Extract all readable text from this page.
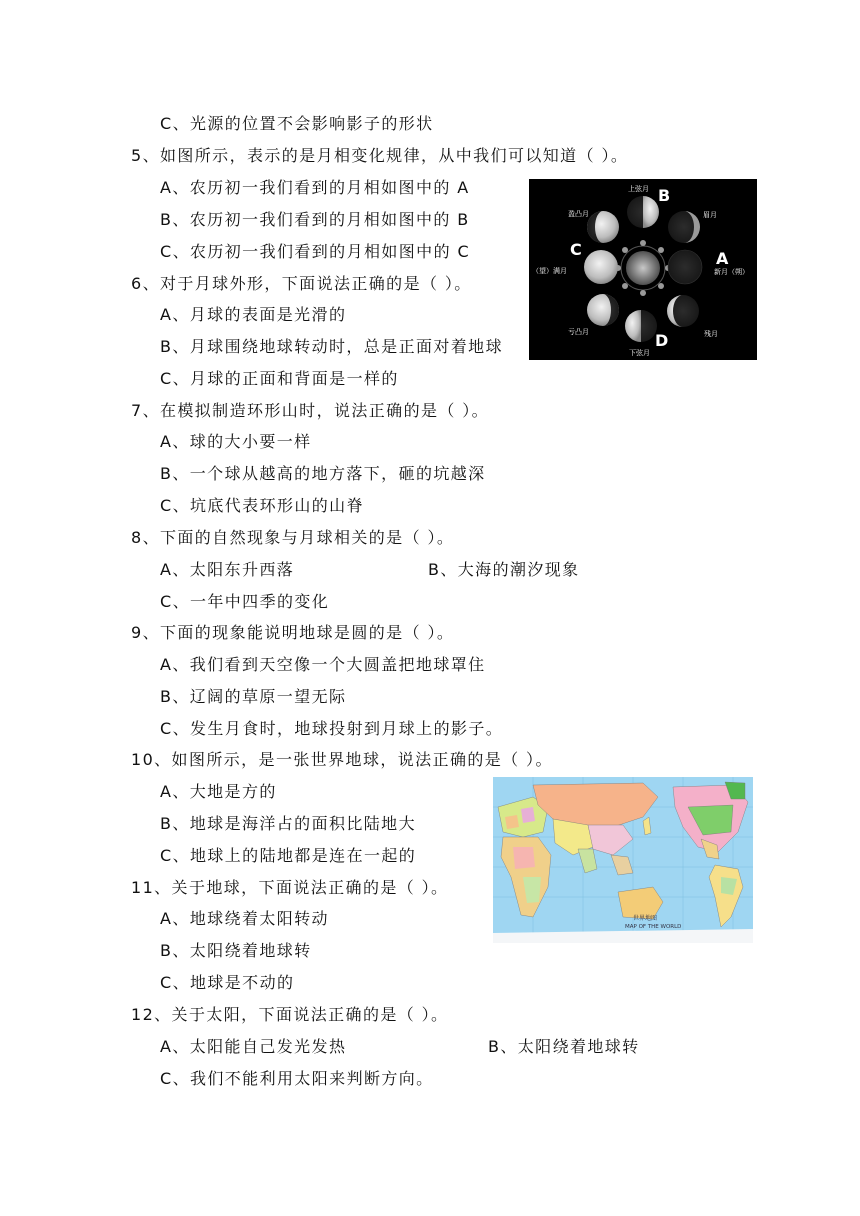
C、光源的位置不会影响影子的形状
5、如图所示，表示的是月相变化规律，从中我们可以知道（ ）。
A、农历初一我们看到的月相如图中的 A
B、农历初一我们看到的月相如图中的 B
C、农历初一我们看到的月相如图中的 C
6、对于月球外形，下面说法正确的是（ ）。
A、月球的表面是光滑的
B、月球围绕地球转动时，总是正面对着地球
C、月球的正面和背面是一样的
7、在模拟制造环形山时，说法正确的是（ ）。
A、球的大小要一样
B、一个球从越高的地方落下，砸的坑越深
C、坑底代表环形山的山脊
8、下面的自然现象与月球相关的是（ ）。
A、太阳东升西落	B、大海的潮汐现象
C、一年中四季的变化
9、下面的现象能说明地球是圆的是（ ）。
A、我们看到天空像一个大圆盖把地球罩住
B、辽阔的草原一望无际
C、发生月食时，地球投射到月球上的影子。
10、如图所示，是一张世界地球，说法正确的是（ ）。
A、大地是方的
B、地球是海洋占的面积比陆地大
C、地球上的陆地都是连在一起的
11、关于地球，下面说法正确的是（ ）。
A、地球绕着太阳转动
B、太阳绕着地球转
C、地球是不动的
12、关于太阳，下面说法正确的是（ ）。
A、太阳能自己发光发热	B、太阳绕着地球转
C、我们不能利用太阳来判断方向。
上弦月
盈凸月	眉月
（望）满月	新月（朔）
亏凸月	残月
下弦月
B
C	A
D
世界地图
MAP OF THE WORLD
